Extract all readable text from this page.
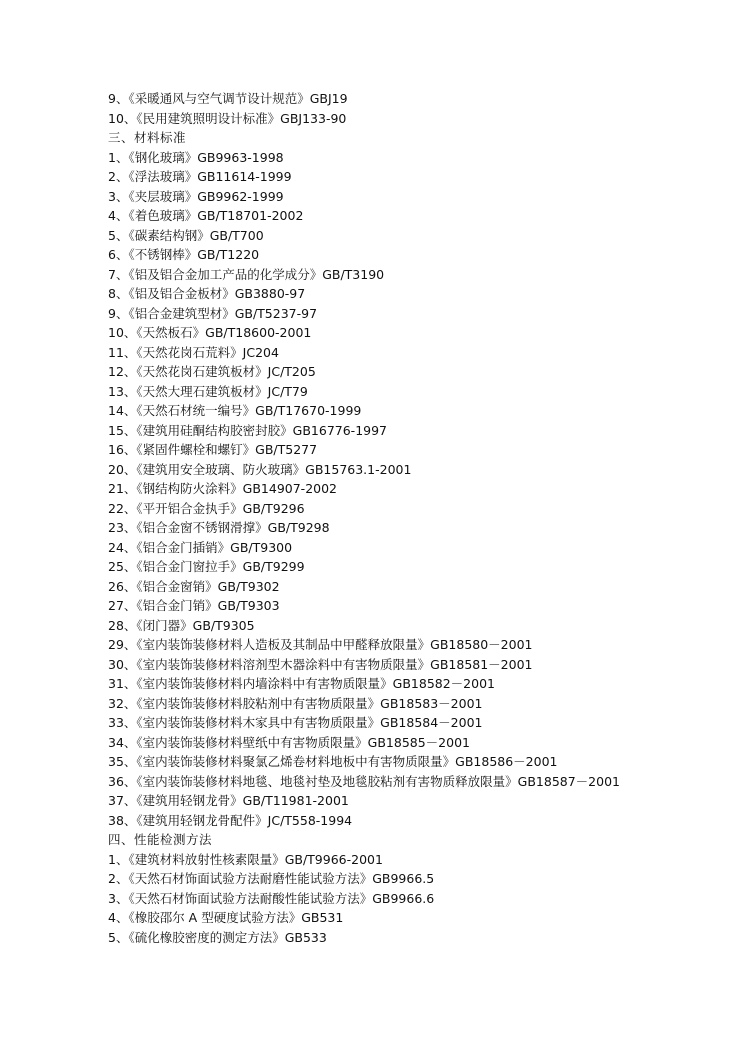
9、《采暖通风与空气调节设计规范》GBJ19
10、《民用建筑照明设计标准》GBJ133-90
三、材料标准
1、《钢化玻璃》GB9963-1998
2、《浮法玻璃》GB11614-1999
3、《夹层玻璃》GB9962-1999
4、《着色玻璃》GB/T18701-2002
5、《碳素结构钢》GB/T700
6、《不锈钢棒》GB/T1220
7、《铝及铝合金加工产品的化学成分》GB/T3190
8、《铝及铝合金板材》GB3880-97
9、《铝合金建筑型材》GB/T5237-97
10、《天然板石》GB/T18600-2001
11、《天然花岗石荒料》JC204
12、《天然花岗石建筑板材》JC/T205
13、《天然大理石建筑板材》JC/T79
14、《天然石材统一编号》GB/T17670-1999
15、《建筑用硅酮结构胶密封胶》GB16776-1997
16、《紧固件螺栓和螺钉》GB/T5277
20、《建筑用安全玻璃、防火玻璃》GB15763.1-2001
21、《钢结构防火涂料》GB14907-2002
22、《平开铝合金执手》GB/T9296
23、《铝合金窗不锈钢滑撑》GB/T9298
24、《铝合金门插销》GB/T9300
25、《铝合金门窗拉手》GB/T9299
26、《铝合金窗销》GB/T9302
27、《铝合金门销》GB/T9303
28、《闭门器》GB/T9305
29、《室内装饰装修材料人造板及其制品中甲醛释放限量》GB18580－2001
30、《室内装饰装修材料溶剂型木器涂料中有害物质限量》GB18581－2001
31、《室内装饰装修材料内墙涂料中有害物质限量》GB18582－2001
32、《室内装饰装修材料胶粘剂中有害物质限量》GB18583－2001
33、《室内装饰装修材料木家具中有害物质限量》GB18584－2001
34、《室内装饰装修材料壁纸中有害物质限量》GB18585－2001
35、《室内装饰装修材料聚氯乙烯卷材料地板中有害物质限量》GB18586－2001
36、《室内装饰装修材料地毯、地毯衬垫及地毯胶粘剂有害物质释放限量》GB18587－2001
37、《建筑用轻钢龙骨》GB/T11981-2001
38、《建筑用轻钢龙骨配件》JC/T558-1994
四、性能检测方法
1、《建筑材料放射性核素限量》GB/T9966-2001
2、《天然石材饰面试验方法耐磨性能试验方法》GB9966.5
3、《天然石材饰面试验方法耐酸性能试验方法》GB9966.6
4、《橡胶邵尔 A 型硬度试验方法》GB531
5、《硫化橡胶密度的测定方法》GB533
